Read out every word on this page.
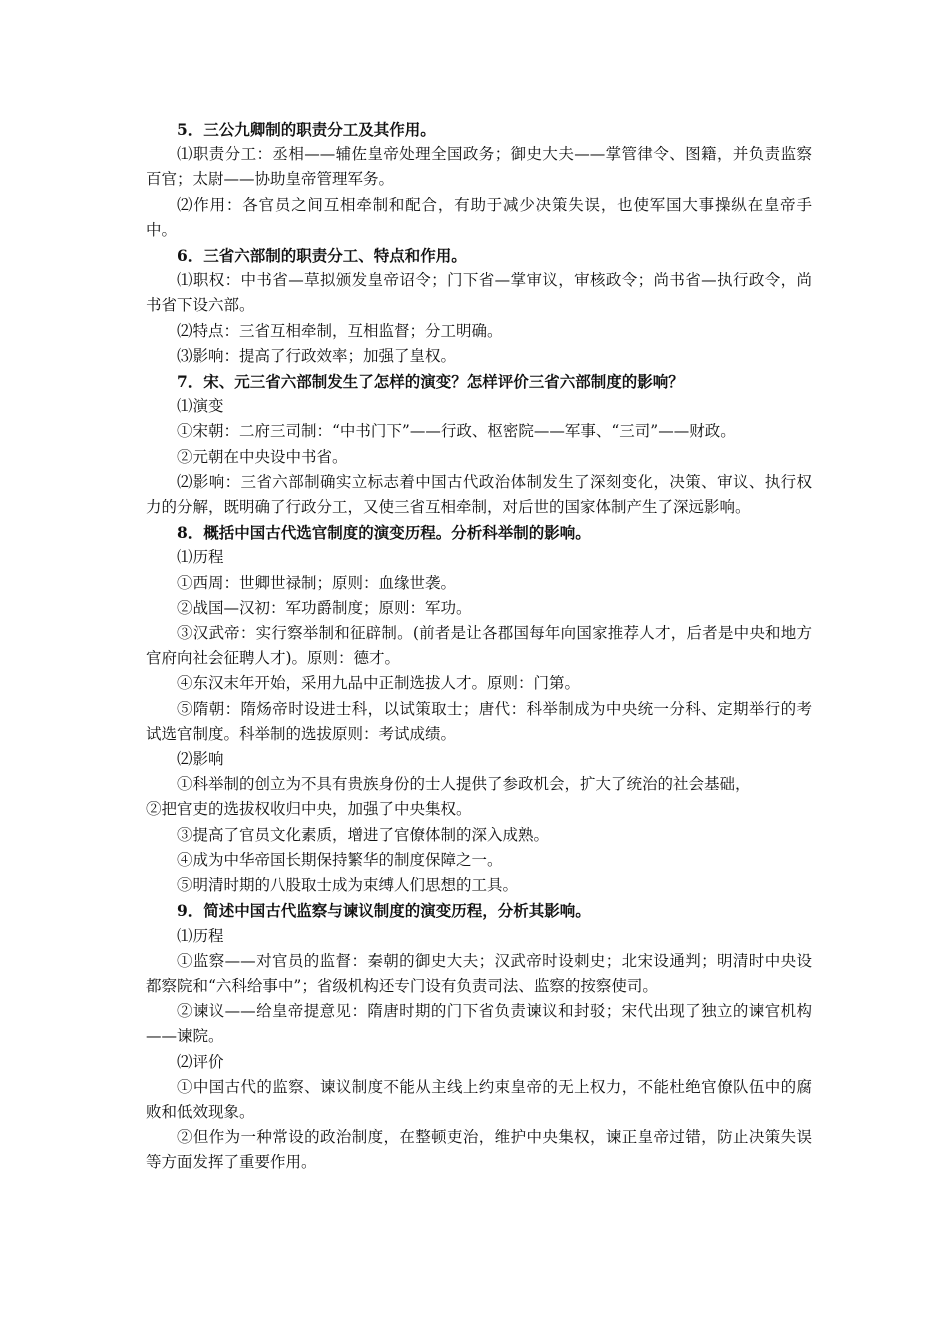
5．三公九卿制的职责分工及其作用。
⑴职责分工：丞相——辅佐皇帝处理全国政务；御史大夫——掌管律令、图籍，并负责监察百官；太尉——协助皇帝管理军务。
⑵作用：各官员之间互相牵制和配合，有助于减少决策失误，也使军国大事操纵在皇帝手中。
6．三省六部制的职责分工、特点和作用。
⑴职权：中书省—草拟颁发皇帝诏令；门下省—掌审议，审核政令；尚书省—执行政令，尚书省下设六部。
⑵特点：三省互相牵制，互相监督；分工明确。
⑶影响：提高了行政效率；加强了皇权。
7．宋、元三省六部制发生了怎样的演变？怎样评价三省六部制度的影响？
⑴演变
①宋朝：二府三司制：“中书门下”——行政、枢密院——军事、“三司”——财政。
②元朝在中央设中书省。
⑵影响：三省六部制确实立标志着中国古代政治体制发生了深刻变化，决策、审议、执行权力的分解，既明确了行政分工，又使三省互相牵制，对后世的国家体制产生了深远影响。
8．概括中国古代选官制度的演变历程。分析科举制的影响。
⑴历程
①西周：世卿世禄制；原则：血缘世袭。
②战国—汉初：军功爵制度；原则：军功。
③汉武帝：实行察举制和征辟制。(前者是让各郡国每年向国家推荐人才，后者是中央和地方官府向社会征聘人才)。原则：德才。
④东汉末年开始，采用九品中正制选拔人才。原则：门第。
⑤隋朝：隋炀帝时设进士科，以试策取士；唐代：科举制成为中央统一分科、定期举行的考试选官制度。科举制的选拔原则：考试成绩。
⑵影响
①科举制的创立为不具有贵族身份的士人提供了参政机会，扩大了统治的社会基础，
②把官吏的选拔权收归中央，加强了中央集权。
③提高了官员文化素质，增进了官僚体制的深入成熟。
④成为中华帝国长期保持繁华的制度保障之一。
⑤明清时期的八股取士成为束缚人们思想的工具。
9．简述中国古代监察与谏议制度的演变历程，分析其影响。
⑴历程
①监察——对官员的监督：秦朝的御史大夫；汉武帝时设刺史；北宋设通判；明清时中央设都察院和“六科给事中”；省级机构还专门设有负责司法、监察的按察使司。
②谏议——给皇帝提意见：隋唐时期的门下省负责谏议和封驳；宋代出现了独立的谏官机构——谏院。
⑵评价
①中国古代的监察、谏议制度不能从主线上约束皇帝的无上权力，不能杜绝官僚队伍中的腐败和低效现象。
②但作为一种常设的政治制度，在整顿吏治，维护中央集权，谏正皇帝过错，防止决策失误等方面发挥了重要作用。
